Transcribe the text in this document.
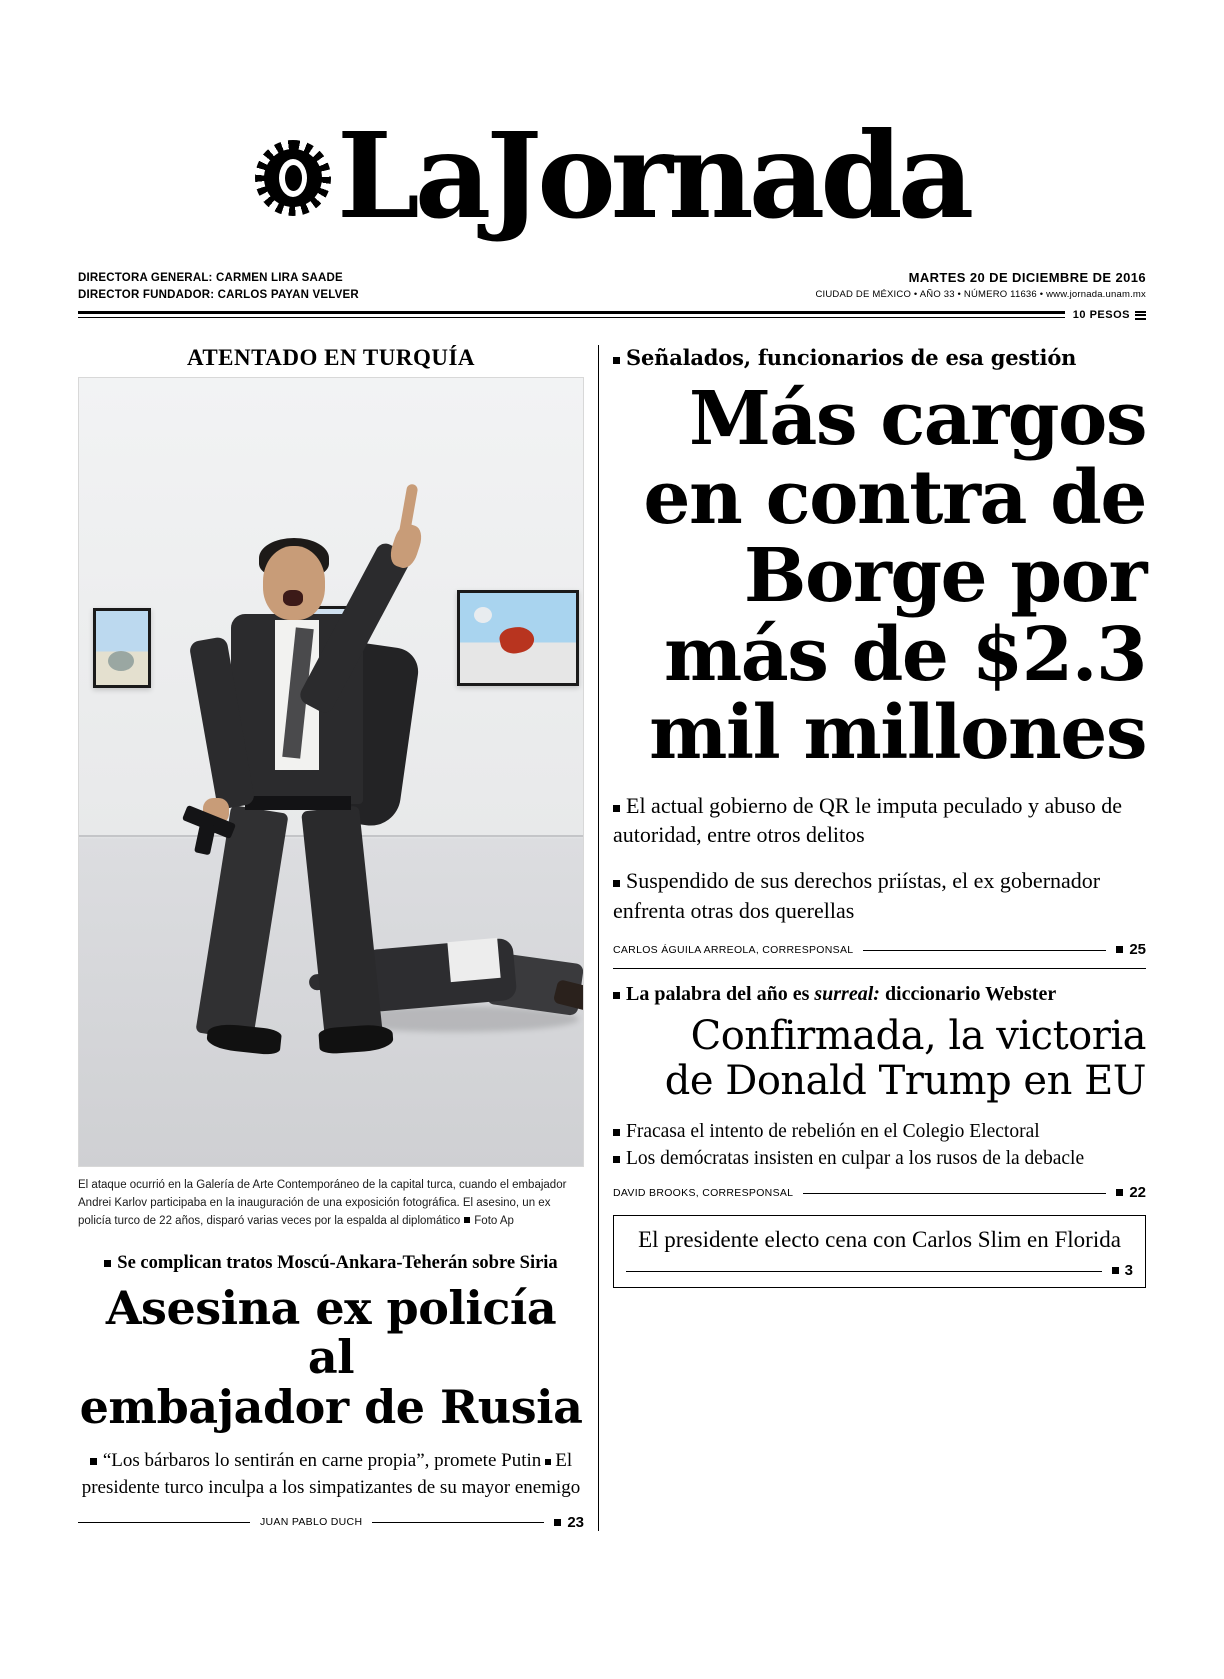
LaJornada
DIRECTORA GENERAL: CARMEN LIRA SAADE
DIRECTOR FUNDADOR: CARLOS PAYAN VELVER
MARTES 20 DE DICIEMBRE DE 2016
CIUDAD DE MÉXICO • AÑO 33 • NÚMERO 11636 • www.jornada.unam.mx
10 PESOS
ATENTADO EN TURQUÍA
El ataque ocurrió en la Galería de Arte Contemporáneo de la capital turca, cuando el embajador Andrei Karlov participaba en la inauguración de una exposición fotográfica. El asesino, un ex policía turco de 22 años, disparó varias veces por la espalda al diplomático Foto Ap
Se complican tratos Moscú-Ankara-Teherán sobre Siria
Asesina ex policía al
embajador de Rusia
“Los bárbaros lo sentirán en carne propia”, promete Putin El presidente turco inculpa a los simpatizantes de su mayor enemigo
JUAN PABLO DUCH	23
Señalados, funcionarios de esa gestión
Más cargos
en contra de
Borge por
más de $2.3
mil millones
El actual gobierno de QR le imputa peculado y abuso de autoridad, entre otros delitos
Suspendido de sus derechos priístas, el ex gobernador enfrenta otras dos querellas
CARLOS ÁGUILA ARREOLA, CORRESPONSAL	25
La palabra del año es surreal: diccionario Webster
Confirmada, la victoria
de Donald Trump en EU
Fracasa el intento de rebelión en el Colegio Electoral
Los demócratas insisten en culpar a los rusos de la debacle
DAVID BROOKS, CORRESPONSAL	22
El presidente electo cena con Carlos Slim en Florida
3
